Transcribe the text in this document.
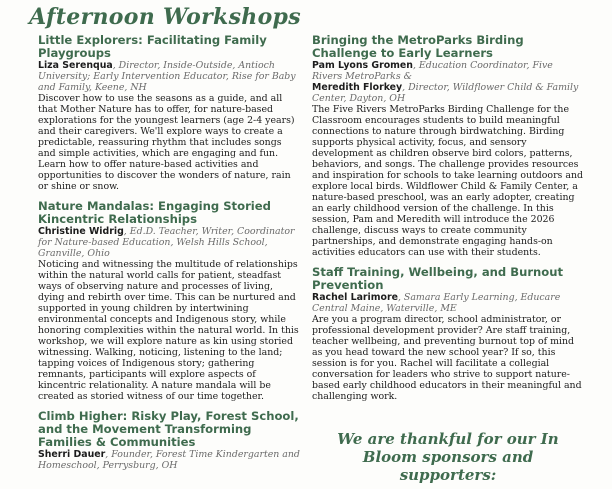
Afternoon Workshops
Little Explorers: Facilitating Family Playgroups
Liza Serenqua, Director, Inside-Outside, Antioch University; Early Intervention Educator, Rise for Baby and Family, Keene, NH

Discover how to use the seasons as a guide, and all that Mother Nature has to offer, for nature-based explorations for the youngest learners (age 2-4 years) and their caregivers. We'll explore ways to create a predictable, reassuring rhythm that includes songs and simple activities, which are engaging and fun. Learn how to offer nature-based activities and opportunities to discover the wonders of nature, rain or shine or snow.

Nature Mandalas: Engaging Storied Kincentric Relationships
Christine Widrig, Ed.D. Teacher, Writer, Coordinator for Nature-based Education, Welsh Hills School, Granville, Ohio

Noticing and witnessing the multitude of relationships within the natural world calls for patient, steadfast ways of observing nature and processes of living, dying and rebirth over time. This can be nurtured and supported in young children by intertwining environmental concepts and Indigenous story, while honoring complexities within the natural world. In this workshop, we will explore nature as kin using storied witnessing. Walking, noticing, listening to the land; tapping voices of Indigenous story; gathering remnants, participants will explore aspects of kincentric relationality. A nature mandala will be created as storied witness of our time together.

Climb Higher: Risky Play, Forest School, and the Movement Transforming Families & Communities
Sherri Dauer, Founder, Forest Time Kindergarten and Homeschool, Perrysburg, OH
Bringing the MetroParks Birding Challenge to Early Learners
Pam Lyons Gromen, Education Coordinator, Five Rivers MetroParks &
Meredith Florkey, Director, Wildflower Child & Family Center, Dayton, OH

The Five Rivers MetroParks Birding Challenge for the Classroom encourages students to build meaningful connections to nature through birdwatching. Birding supports physical activity, focus, and sensory development as children observe bird colors, patterns, behaviors, and songs. The challenge provides resources and inspiration for schools to take learning outdoors and explore local birds. Wildflower Child & Family Center, a nature-based preschool, was an early adopter, creating an early childhood version of the challenge. In this session, Pam and Meredith will introduce the 2026 challenge, discuss ways to create community partnerships, and demonstrate engaging hands-on activities educators can use with their students.

Staff Training, Wellbeing, and Burnout Prevention
Rachel Larimore, Samara Early Learning, Educare Central Maine, Waterville, ME

Are you a program director, school administrator, or professional development provider? Are staff training, teacher wellbeing, and preventing burnout top of mind as you head toward the new school year? If so, this session is for you. Rachel will facilitate a collegial conversation for leaders who strive to support nature-based early childhood educators in their meaningful and challenging work.

We are thankful for our In Bloom sponsors and supporters:
